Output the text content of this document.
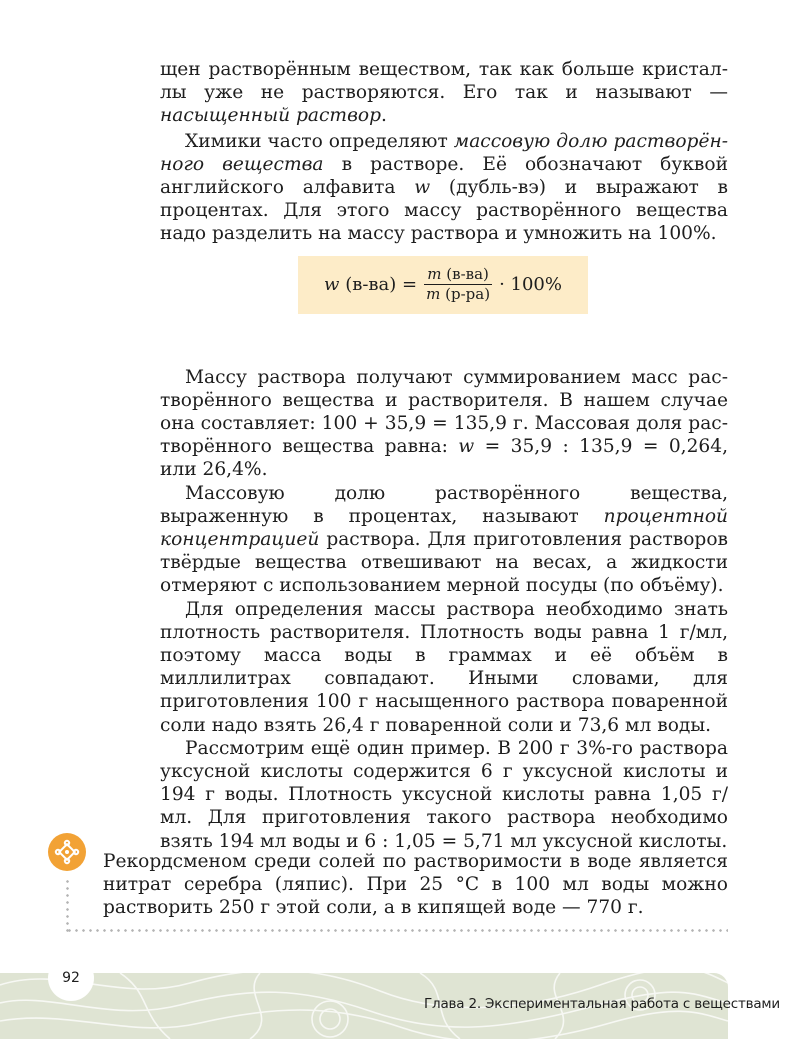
щен растворённым веществом, так как больше кристаллы уже не растворяются. Его так и называют — насыщенный раствор.

Химики часто определяют массовую долю растворённого вещества в растворе. Её обозначают буквой английского алфавита w (дубль-вэ) и выражают в процентах. Для этого массу растворённого вещества надо разделить на массу раствора и умножить на 100%.

w
$(в-ва) = \frac{m (в-ва)}{m (р-ра)} \cdot 100\%$

Массу раствора получают суммированием масс растворённого вещества и растворителя. В нашем случае она составляет: 100 + 35,9 = 135,9 г. Массовая доля растворённого вещества равна: w = 35,9 : 135,9 = 0,264, или 26,4%.

Массовую долю растворённого вещества, выраженную в процентах, называют процентной концентрацией раствора. Для приготовления растворов твёрдые вещества отвешивают на весах, а жидкости отмеряют с использованием мерной посуды (по объёму).

Для определения массы раствора необходимо знать плотность растворителя. Плотность воды равна 1 г/мл, поэтому масса воды в граммах и её объём в миллилитрах совпадают. Иными словами, для приготовления 100 г насыщенного раствора поваренной соли надо взять 26,4 г поваренной соли и 73,6 мл воды.

Рассмотрим ещё один пример. В 200 г 3%-го раствора уксусной кислоты содержится 6 г уксусной кислоты и 194 г воды. Плотность уксусной кислоты равна 1,05 г/мл. Для приготовления такого раствора необходимо взять 194 мл воды и 6 : 1,05 = 5,71 мл уксусной кислоты.

Рекордсменом среди солей по растворимости в воде является нитрат серебра (ляпис). При 25 °С в 100 мл воды можно растворить 250 г этой соли, а в кипящей воде — 770 г.
92
Глава 2. Экспериментальная работа с веществами
